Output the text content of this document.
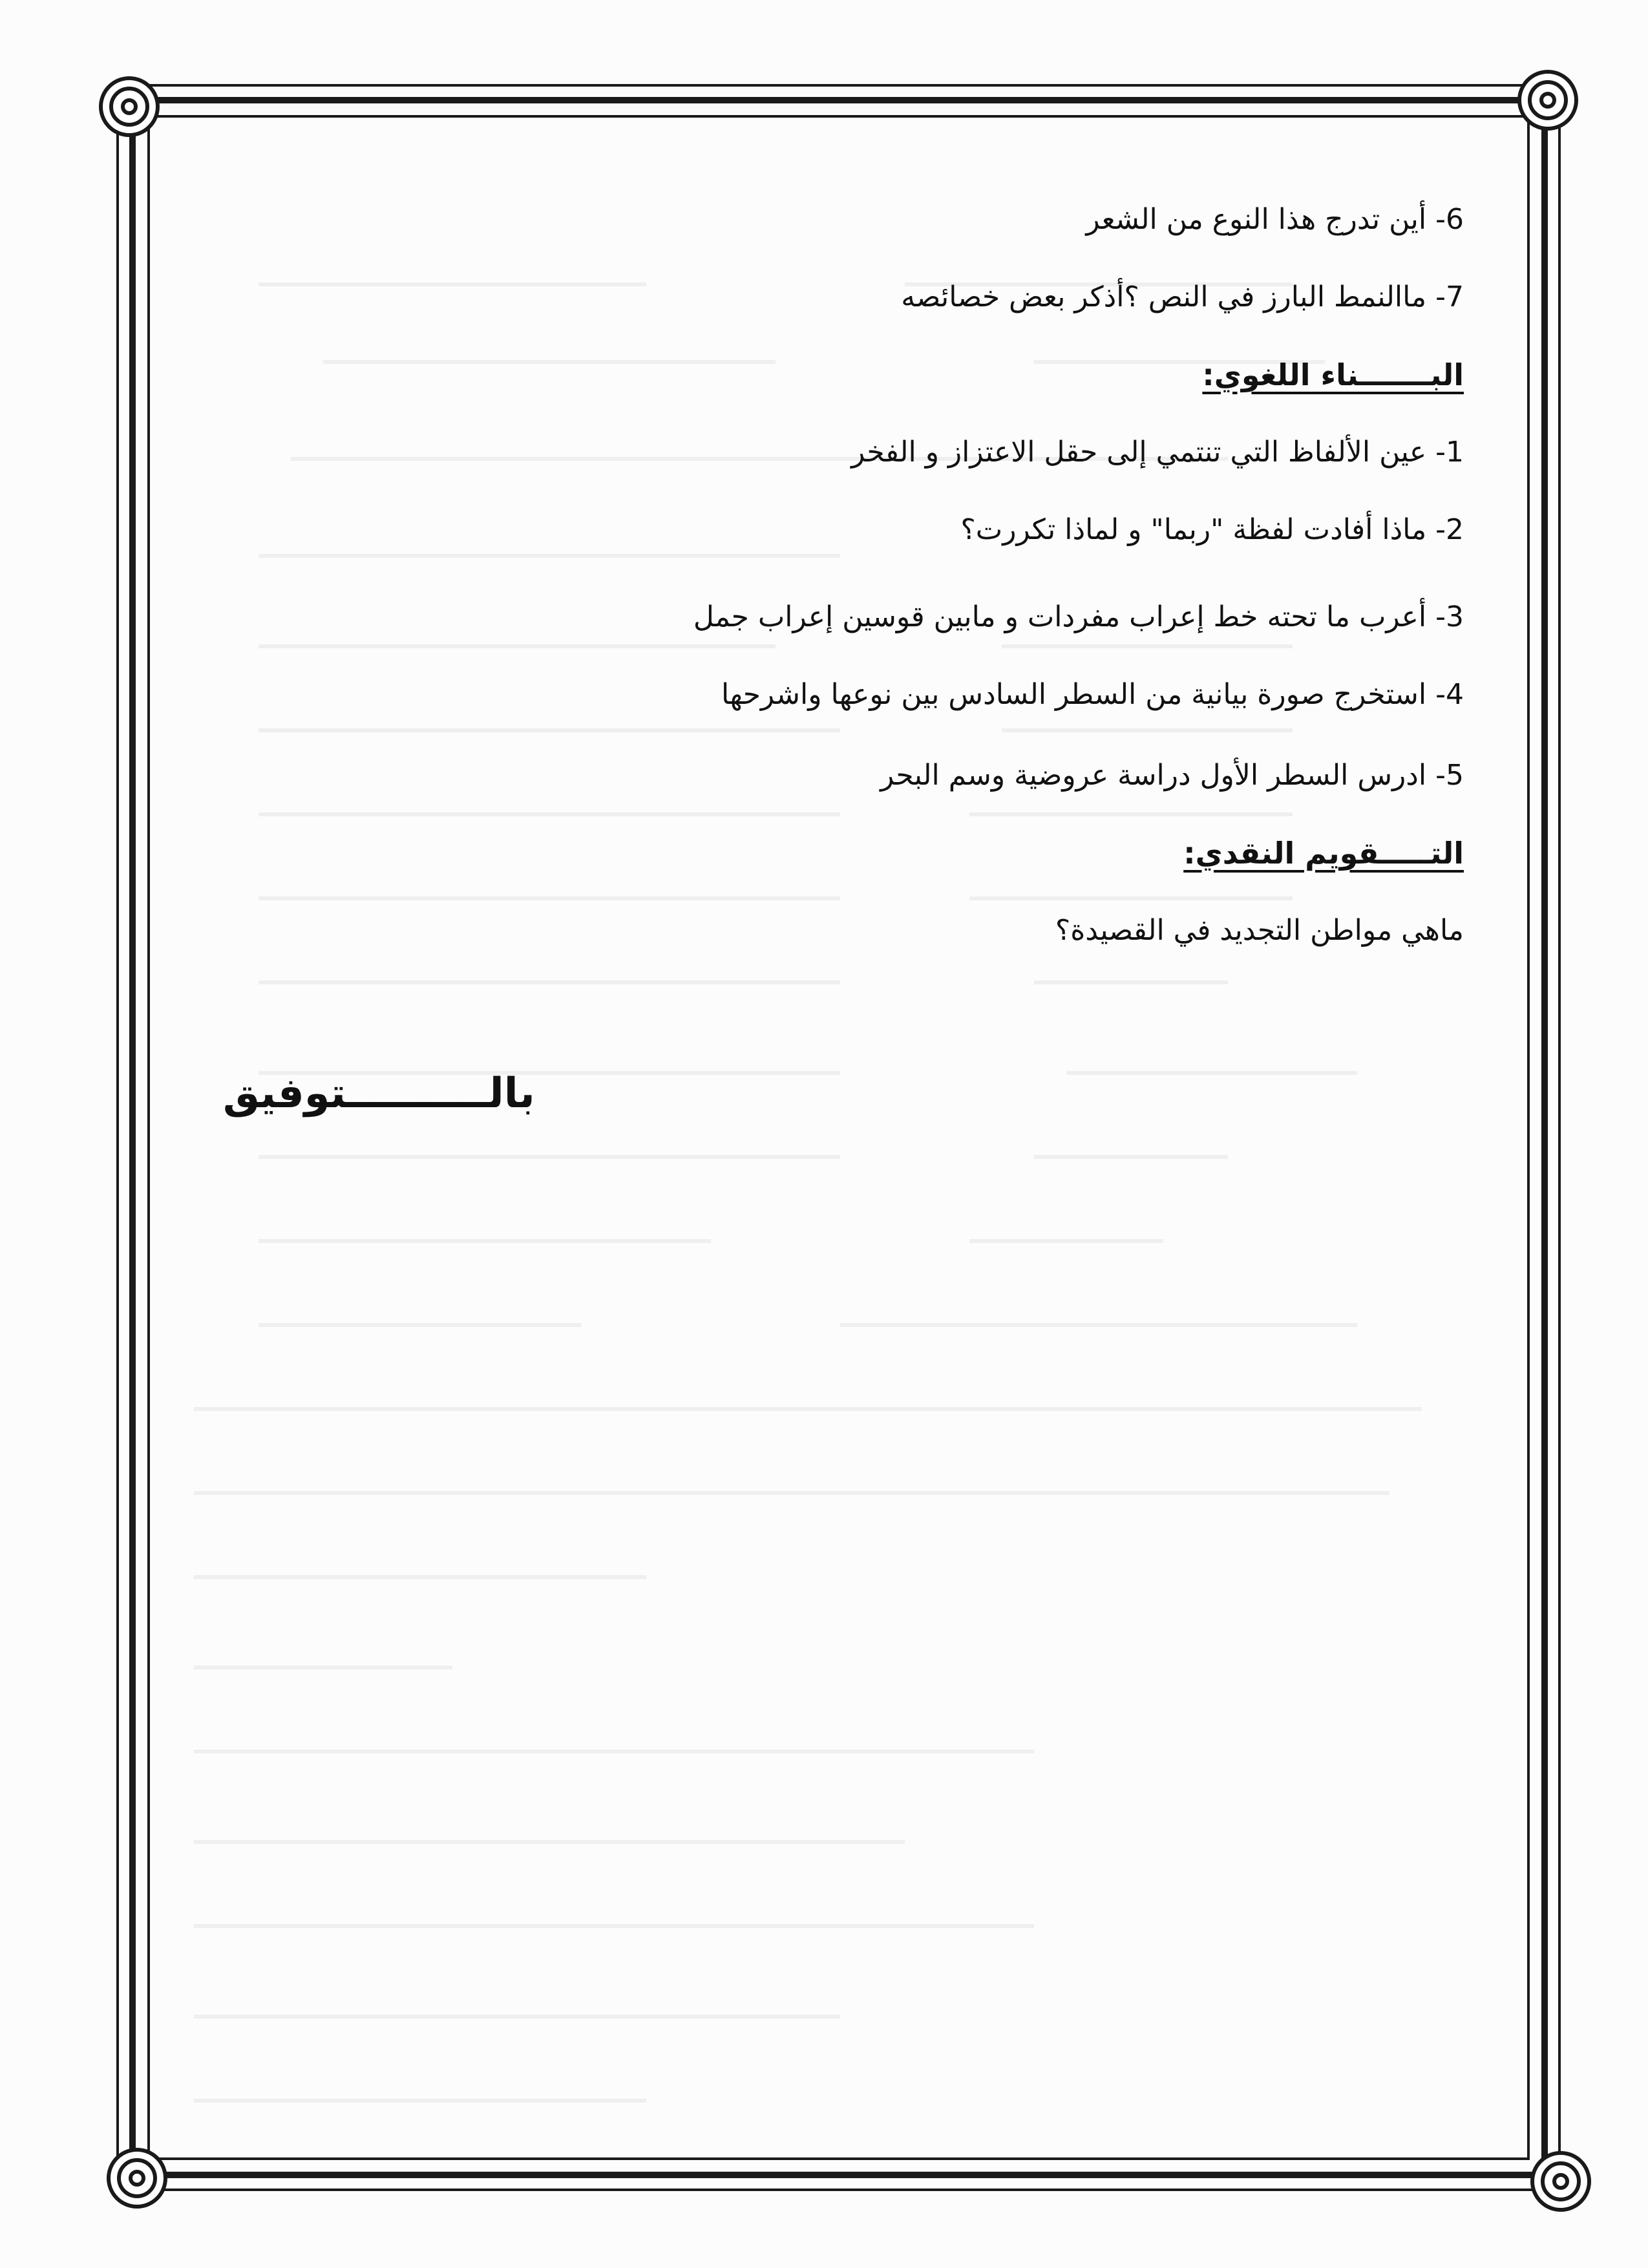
6- أين تدرج هذا النوع من الشعر
7- ماالنمط البارز في النص ؟أذكر بعض خصائصه
البـــــــناء اللغوي:
1- عين الألفاظ التي تنتمي إلى حقل الاعتزاز و الفخر
2- ماذا أفادت لفظة "ربما" و لماذا تكررت؟
3- أعرب ما تحته خط إعراب مفردات و مابين قوسين إعراب جمل
4- استخرج صورة بيانية من السطر السادس بين نوعها واشرحها
5- ادرس السطر الأول دراسة عروضية وسم البحر
التـــــقويم النقدي:
ماهي مواطن التجديد في القصيدة؟
بالــــــــــتوفيق
